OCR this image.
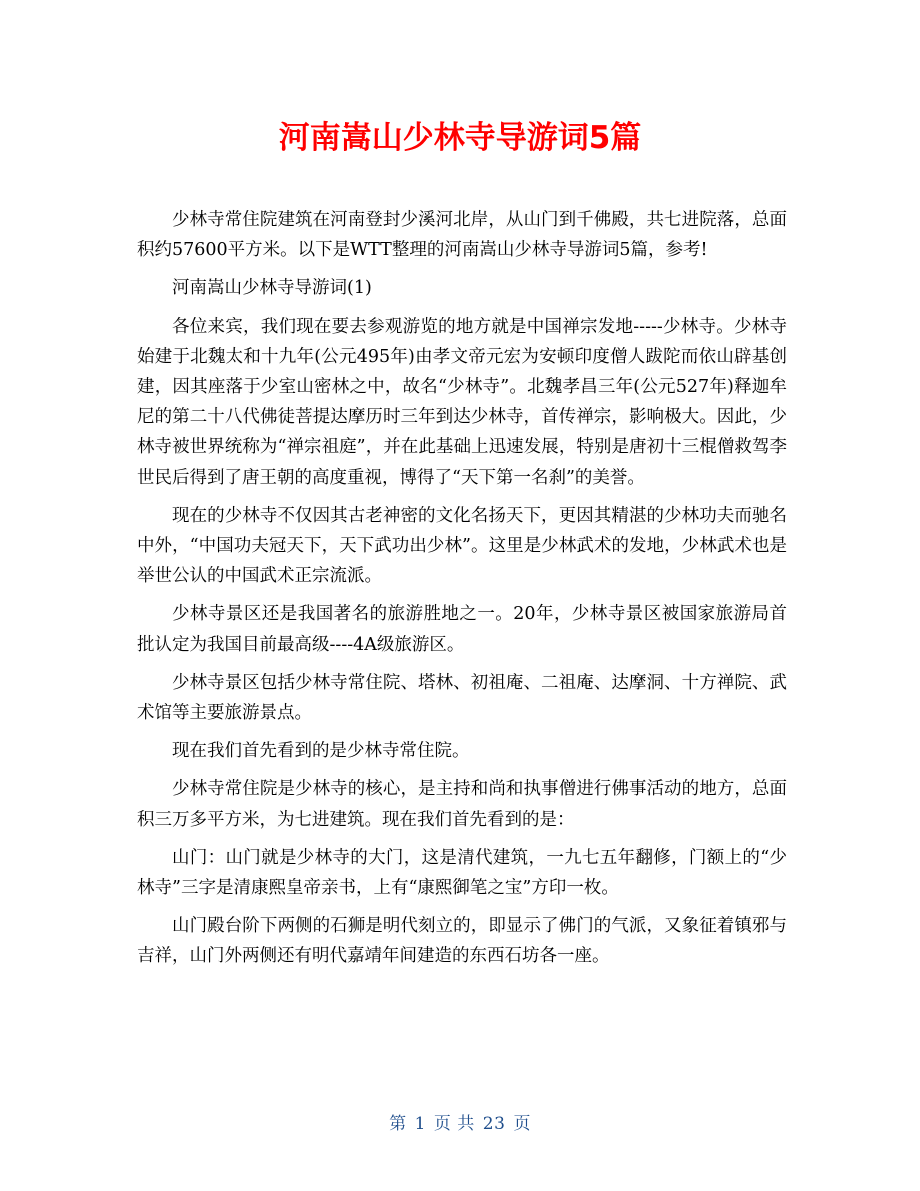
河南嵩山少林寺导游词5篇

少林寺常住院建筑在河南登封少溪河北岸，从山门到千佛殿，共七进院落，总面积约57600平方米。以下是WTT整理的河南嵩山少林寺导游词5篇，参考!

河南嵩山少林寺导游词(1)

各位来宾，我们现在要去参观游览的地方就是中国禅宗发地-----少林寺。少林寺始建于北魏太和十九年(公元495年)由孝文帝元宏为安顿印度僧人跋陀而依山辟基创建，因其座落于少室山密林之中，故名“少林寺”。北魏孝昌三年(公元527年)释迦牟尼的第二十八代佛徒菩提达摩历时三年到达少林寺，首传禅宗，影响极大。因此，少林寺被世界统称为“禅宗祖庭”，并在此基础上迅速发展，特别是唐初十三棍僧救驾李世民后得到了唐王朝的高度重视，博得了“天下第一名刹”的美誉。

现在的少林寺不仅因其古老神密的文化名扬天下，更因其精湛的少林功夫而驰名中外，“中国功夫冠天下，天下武功出少林”。这里是少林武术的发地，少林武术也是举世公认的中国武术正宗流派。

少林寺景区还是我国著名的旅游胜地之一。20年，少林寺景区被国家旅游局首批认定为我国目前最高级----4A级旅游区。

少林寺景区包括少林寺常住院、塔林、初祖庵、二祖庵、达摩洞、十方禅院、武术馆等主要旅游景点。

现在我们首先看到的是少林寺常住院。

少林寺常住院是少林寺的核心，是主持和尚和执事僧进行佛事活动的地方，总面积三万多平方米，为七进建筑。现在我们首先看到的是：

山门：山门就是少林寺的大门，这是清代建筑，一九七五年翻修，门额上的“少林寺”三字是清康熙皇帝亲书，上有“康熙御笔之宝”方印一枚。

山门殿台阶下两侧的石狮是明代刻立的，即显示了佛门的气派，又象征着镇邪与吉祥，山门外两侧还有明代嘉靖年间建造的东西石坊各一座。

第 1 页 共 23 页
